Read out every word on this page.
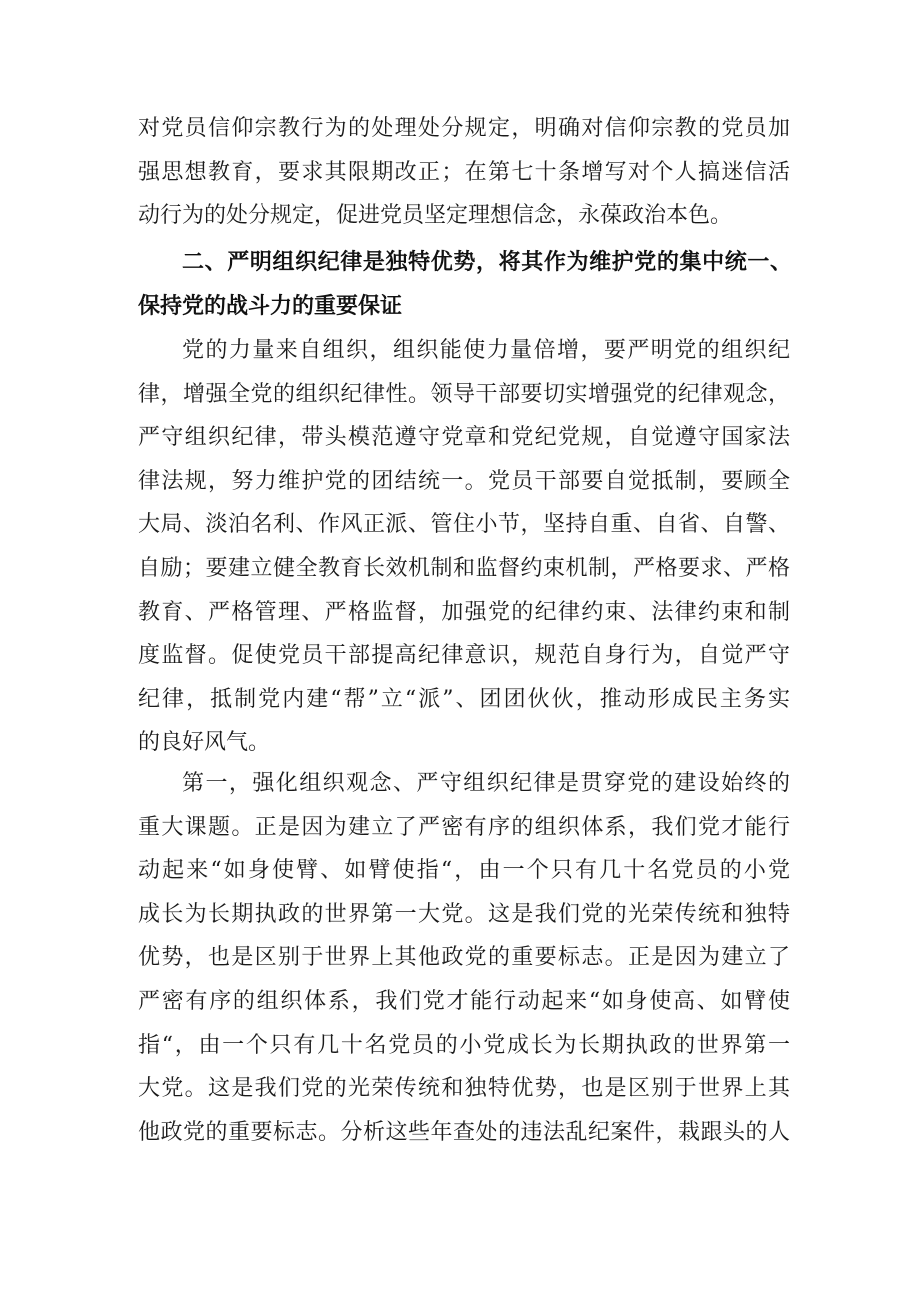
对党员信仰宗教行为的处理处分规定，明确对信仰宗教的党员加
强思想教育，要求其限期改正；在第七十条增写对个人搞迷信活
动行为的处分规定，促进党员坚定理想信念，永葆政治本色。
二、严明组织纪律是独特优势，将其作为维护党的集中统一、
保持党的战斗力的重要保证
党的力量来自组织，组织能使力量倍增，要严明党的组织纪
律，增强全党的组织纪律性。领导干部要切实增强党的纪律观念，
严守组织纪律，带头模范遵守党章和党纪党规，自觉遵守国家法
律法规，努力维护党的团结统一。党员干部要自觉抵制，要顾全
大局、淡泊名利、作风正派、管住小节，坚持自重、自省、自警、
自励；要建立健全教育长效机制和监督约束机制，严格要求、严格
教育、严格管理、严格监督，加强党的纪律约束、法律约束和制
度监督。促使党员干部提高纪律意识，规范自身行为，自觉严守
纪律，抵制党内建“帮”立“派”、团团伙伙，推动形成民主务实
的良好风气。
第一，强化组织观念、严守组织纪律是贯穿党的建设始终的
重大课题。正是因为建立了严密有序的组织体系，我们党才能行
动起来“如身使臂、如臂使指“，由一个只有几十名党员的小党
成长为长期执政的世界第一大党。这是我们党的光荣传统和独特
优势，也是区别于世界上其他政党的重要标志。正是因为建立了
严密有序的组织体系，我们党才能行动起来“如身使高、如臂使
指“，由一个只有几十名党员的小党成长为长期执政的世界第一
大党。这是我们党的光荣传统和独特优势，也是区别于世界上其
他政党的重要标志。分析这些年查处的违法乱纪案件，栽跟头的人
